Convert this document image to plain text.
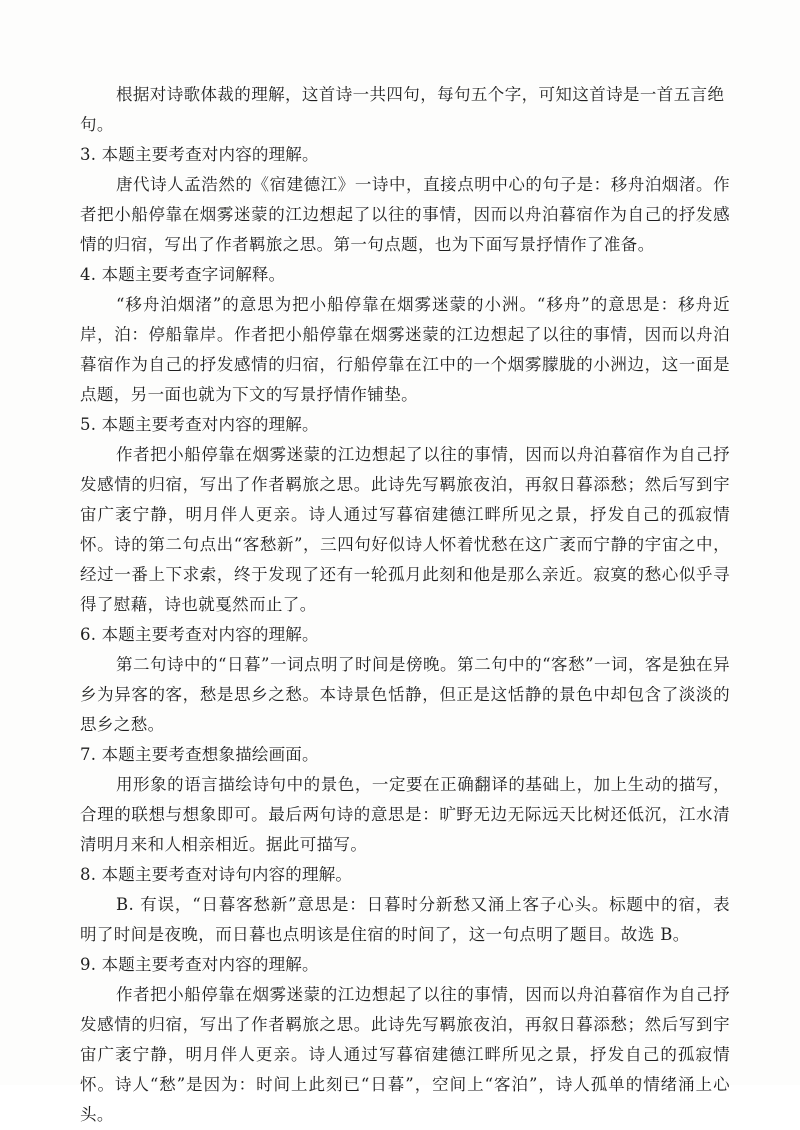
根据对诗歌体裁的理解，这首诗一共四句，每句五个字，可知这首诗是一首五言绝句。

3. 本题主要考查对内容的理解。

唐代诗人孟浩然的《宿建德江》一诗中，直接点明中心的句子是：移舟泊烟渚。作者把小船停靠在烟雾迷蒙的江边想起了以往的事情，因而以舟泊暮宿作为自己的抒发感情的归宿，写出了作者羁旅之思。第一句点题，也为下面写景抒情作了准备。

4. 本题主要考查字词解释。

“移舟泊烟渚”的意思为把小船停靠在烟雾迷蒙的小洲。“移舟”的意思是：移舟近岸，泊：停船靠岸。作者把小船停靠在烟雾迷蒙的江边想起了以往的事情，因而以舟泊暮宿作为自己的抒发感情的归宿，行船停靠在江中的一个烟雾朦胧的小洲边，这一面是点题，另一面也就为下文的写景抒情作铺垫。

5. 本题主要考查对内容的理解。

作者把小船停靠在烟雾迷蒙的江边想起了以往的事情，因而以舟泊暮宿作为自己抒发感情的归宿，写出了作者羁旅之思。此诗先写羁旅夜泊，再叙日暮添愁；然后写到宇宙广袤宁静，明月伴人更亲。诗人通过写暮宿建德江畔所见之景，抒发自己的孤寂情怀。诗的第二句点出“客愁新”，三四句好似诗人怀着忧愁在这广袤而宁静的宇宙之中，经过一番上下求索，终于发现了还有一轮孤月此刻和他是那么亲近。寂寞的愁心似乎寻得了慰藉，诗也就戛然而止了。

6. 本题主要考查对内容的理解。

第二句诗中的“日暮”一词点明了时间是傍晚。第二句中的“客愁”一词，客是独在异乡为异客的客，愁是思乡之愁。本诗景色恬静，但正是这恬静的景色中却包含了淡淡的思乡之愁。

7. 本题主要考查想象描绘画面。

用形象的语言描绘诗句中的景色，一定要在正确翻译的基础上，加上生动的描写，合理的联想与想象即可。最后两句诗的意思是：旷野无边无际远天比树还低沉，江水清清明月来和人相亲相近。据此可描写。

8. 本题主要考查对诗句内容的理解。

B. 有误，“日暮客愁新”意思是：日暮时分新愁又涌上客子心头。标题中的宿，表明了时间是夜晚，而日暮也点明该是住宿的时间了，这一句点明了题目。故选 B。

9. 本题主要考查对内容的理解。

作者把小船停靠在烟雾迷蒙的江边想起了以往的事情，因而以舟泊暮宿作为自己抒发感情的归宿，写出了作者羁旅之思。此诗先写羁旅夜泊，再叙日暮添愁；然后写到宇宙广袤宁静，明月伴人更亲。诗人通过写暮宿建德江畔所见之景，抒发自己的孤寂情怀。诗人“愁”是因为：时间上此刻已“日暮”，空间上“客泊”，诗人孤单的情绪涌上心头。
